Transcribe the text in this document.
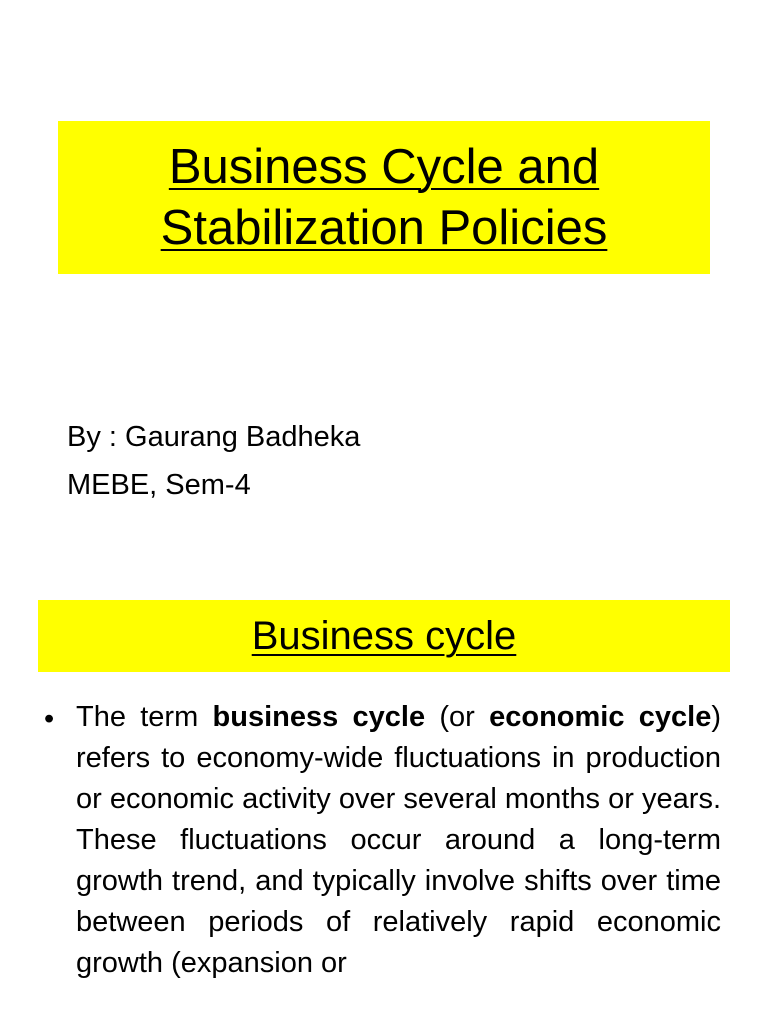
Business Cycle and
Stabilization Policies
By : Gaurang Badheka
MEBE, Sem-4
Business cycle
• The term business cycle (or economic cycle) refers to economy-wide fluctuations in production or economic activity over several months or years. These fluctuations occur around a long-term growth trend, and typically involve shifts over time between periods of relatively rapid economic growth (expansion or
